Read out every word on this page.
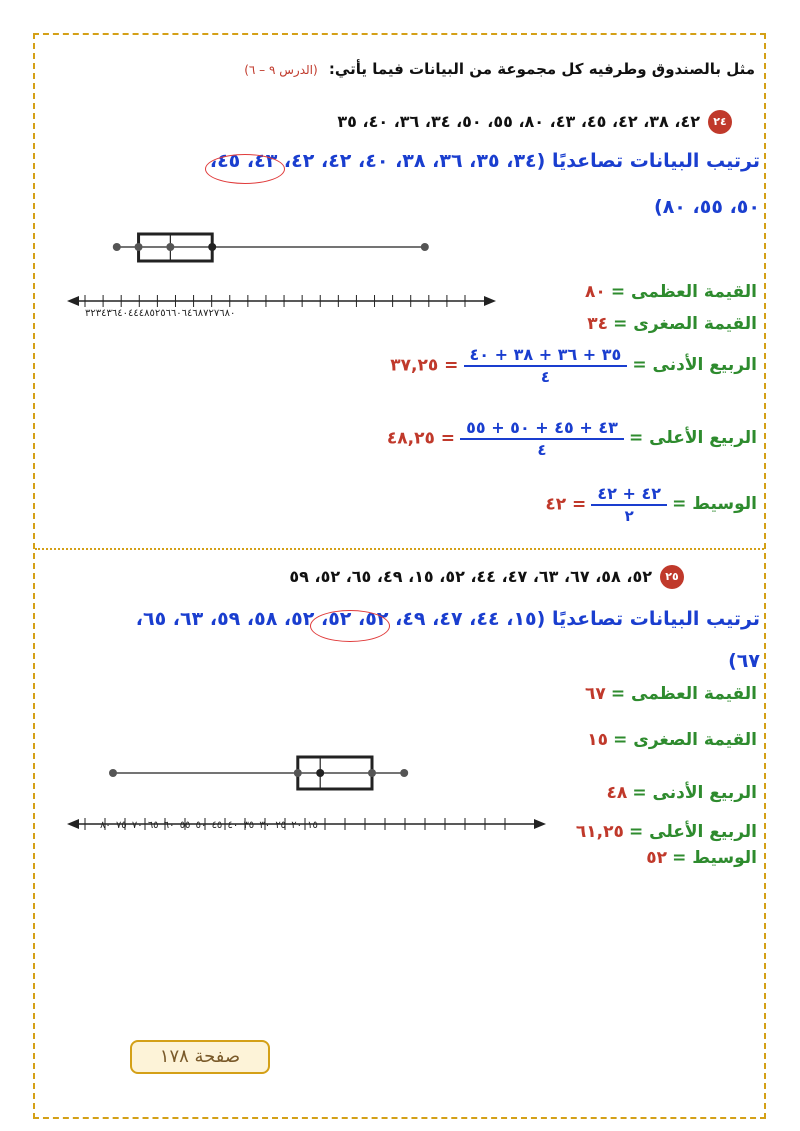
مثل بالصندوق وطرفيه كل مجموعة من البيانات فيما يأتي: (الدرس ٩ – ٦)
٢٤
٤٢، ٣٨، ٤٢، ٤٥، ٤٣، ٨٠، ٥٥، ٥٠، ٣٤، ٣٦، ٤٠، ٣٥
ترتيب البيانات تصاعديًا (٣٤، ٣٥، ٣٦، ٣٨، ٤٠، ٤٢، ٤٢، ٤٣، ٤٥،
٥٠، ٥٥، ٨٠)
٣٢٣٤٣٦٤٠٤٤٤٨٥٢٥٦٦٠٦٤٦٨٧٢٧٦٨٠
القيمة العظمى = ٨٠
القيمة الصغرى = ٣٤
الربيع الأدنى =
$\frac{٣٥ + ٣٦ + ٣٨ + ٤٠}{٤}$
= ٣٧,٢٥
الربيع الأعلى =
$\frac{٤٣ + ٤٥ + ٥٠ + ٥٥}{٤}$
= ٤٨,٢٥
الوسيط =
$\frac{٤٢ + ٤٢}{٢}$
= ٤٢
٢٥
٥٢، ٥٨، ٦٧، ٦٣، ٤٧، ٤٤، ٥٢، ١٥، ٤٩، ٦٥، ٥٢، ٥٩
ترتيب البيانات تصاعديًا (١٥، ٤٤، ٤٧، ٤٩، ٥٢، ٥٢، ٥٢، ٥٨، ٥٩، ٦٣، ٦٥،
٦٧)
القيمة العظمى = ٦٧
القيمة الصغرى = ١٥
الربيع الأدنى = ٤٨
الربيع الأعلى = ٦١,٢٥
الوسيط = ٥٢
١٥ ٢٠ ٢٥ ٣٠ ٣٥ ٤٠ ٤٥ ٥٠ ٥٥ ٦٠ ٦٥ ٧٠ ٧٥ ٨٠
صفحة ١٧٨
